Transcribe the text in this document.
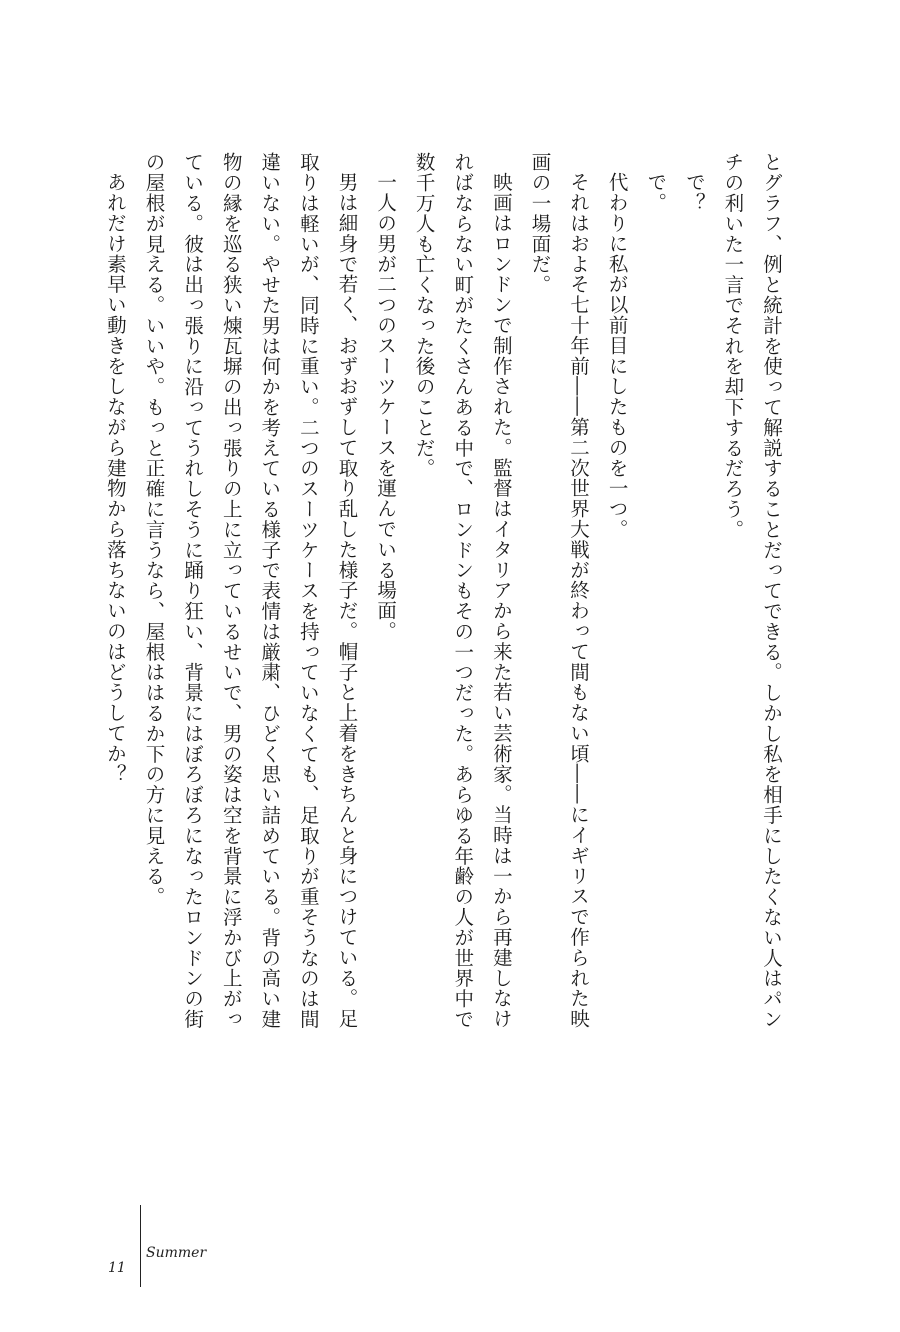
とグラフ、例と統計を使って解説することだってできる。しかし私を相手にしたくない人はパン

チの利いた一言でそれを却下するだろう。

で？

で。

代わりに私が以前目にしたものを一つ。

それはおよそ七十年前――第二次世界大戦が終わって間もない頃――にイギリスで作られた映

画の一場面だ。

映画はロンドンで制作された。監督はイタリアから来た若い芸術家。当時は一から再建しなけ

ればならない町がたくさんある中で、ロンドンもその一つだった。あらゆる年齢の人が世界中で

数千万人も亡くなった後のことだ。

一人の男が二つのスーツケースを運んでいる場面。

男は細身で若く、おずおずして取り乱した様子だ。帽子と上着をきちんと身につけている。足

取りは軽いが、同時に重い。二つのスーツケースを持っていなくても、足取りが重そうなのは間

違いない。やせた男は何かを考えている様子で表情は厳粛、ひどく思い詰めている。背の高い建

物の縁を巡る狭い煉瓦塀の出っ張りの上に立っているせいで、男の姿は空を背景に浮かび上がっ

ている。彼は出っ張りに沿ってうれしそうに踊り狂い、背景にはぼろぼろになったロンドンの街

の屋根が見える。いいや。もっと正確に言うなら、屋根ははるか下の方に見える。

あれだけ素早い動きをしながら建物から落ちないのはどうしてか？

11
Summer
